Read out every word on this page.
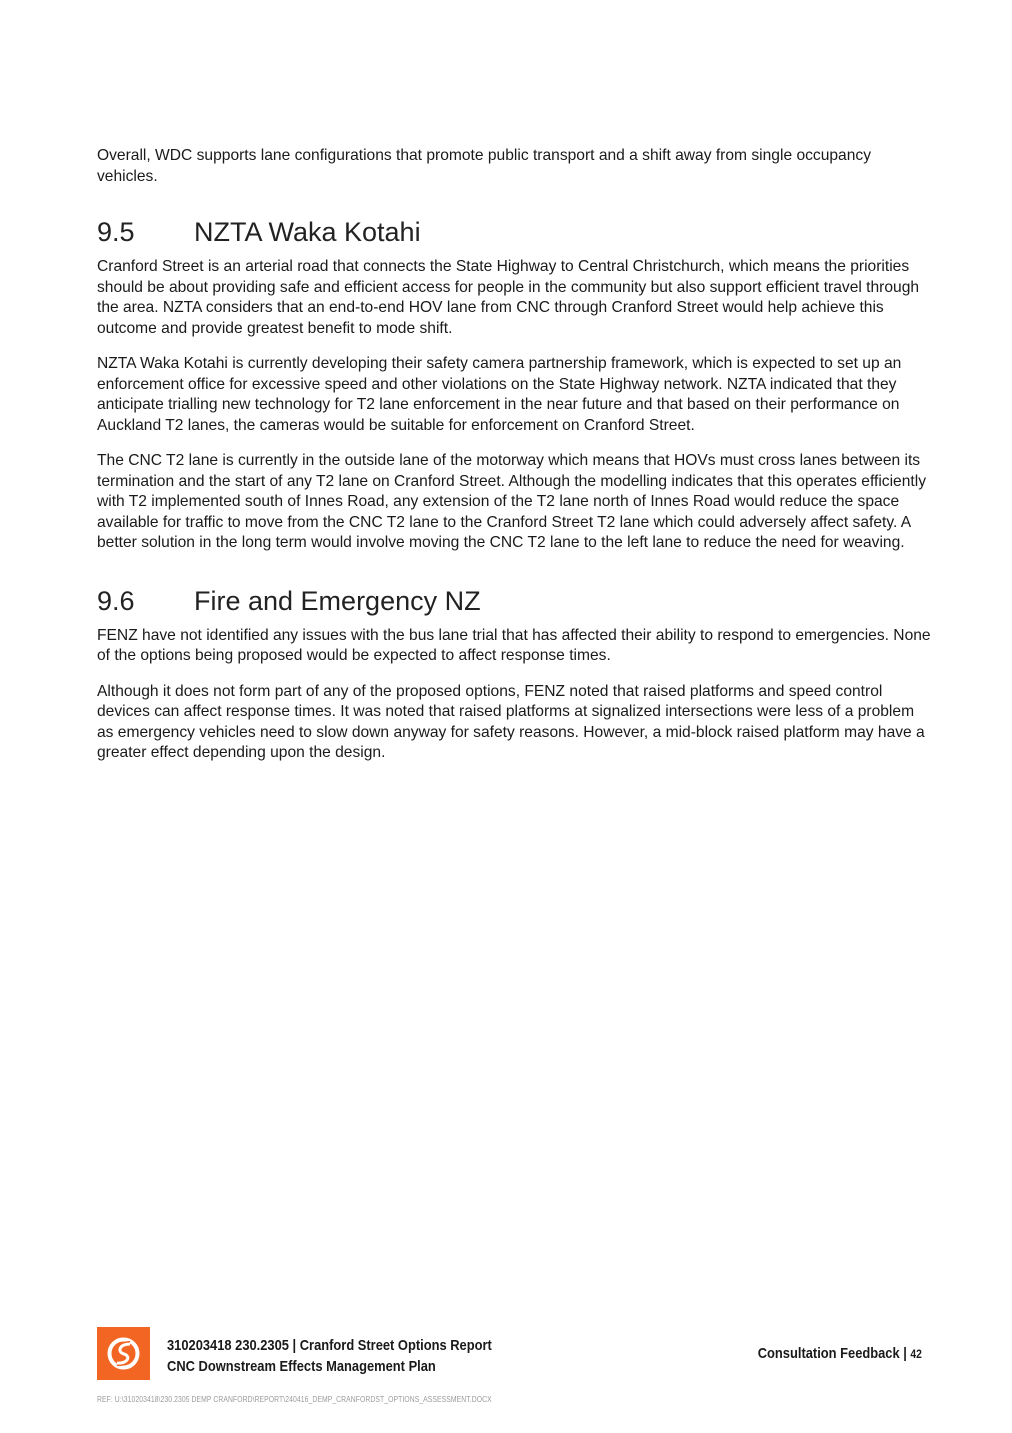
Overall, WDC supports lane configurations that promote public transport and a shift away from single occupancy vehicles.

9.5	NZTA Waka Kotahi

Cranford Street is an arterial road that connects the State Highway to Central Christchurch, which means the priorities should be about providing safe and efficient access for people in the community but also support efficient travel through the area. NZTA considers that an end-to-end HOV lane from CNC through Cranford Street would help achieve this outcome and provide greatest benefit to mode shift.

NZTA Waka Kotahi is currently developing their safety camera partnership framework, which is expected to set up an enforcement office for excessive speed and other violations on the State Highway network. NZTA indicated that they anticipate trialling new technology for T2 lane enforcement in the near future and that based on their performance on Auckland T2 lanes, the cameras would be suitable for enforcement on Cranford Street.

The CNC T2 lane is currently in the outside lane of the motorway which means that HOVs must cross lanes between its termination and the start of any T2 lane on Cranford Street. Although the modelling indicates that this operates efficiently with T2 implemented south of Innes Road, any extension of the T2 lane north of Innes Road would reduce the space available for traffic to move from the CNC T2 lane to the Cranford Street T2 lane which could adversely affect safety. A better solution in the long term would involve moving the CNC T2 lane to the left lane to reduce the need for weaving.

9.6	Fire and Emergency NZ

FENZ have not identified any issues with the bus lane trial that has affected their ability to respond to emergencies. None of the options being proposed would be expected to affect response times.

Although it does not form part of any of the proposed options, FENZ noted that raised platforms and speed control devices can affect response times. It was noted that raised platforms at signalized intersections were less of a problem as emergency vehicles need to slow down anyway for safety reasons. However, a mid-block raised platform may have a greater effect depending upon the design.

310203418 230.2305 | Cranford Street Options Report
CNC Downstream Effects Management Plan
Consultation Feedback | 42
REF: U:\310203418\230.2305 DEMP CRANFORD\REPORT\240416_DEMP_CRANFORDST_OPTIONS_ASSESSMENT.DOCX
